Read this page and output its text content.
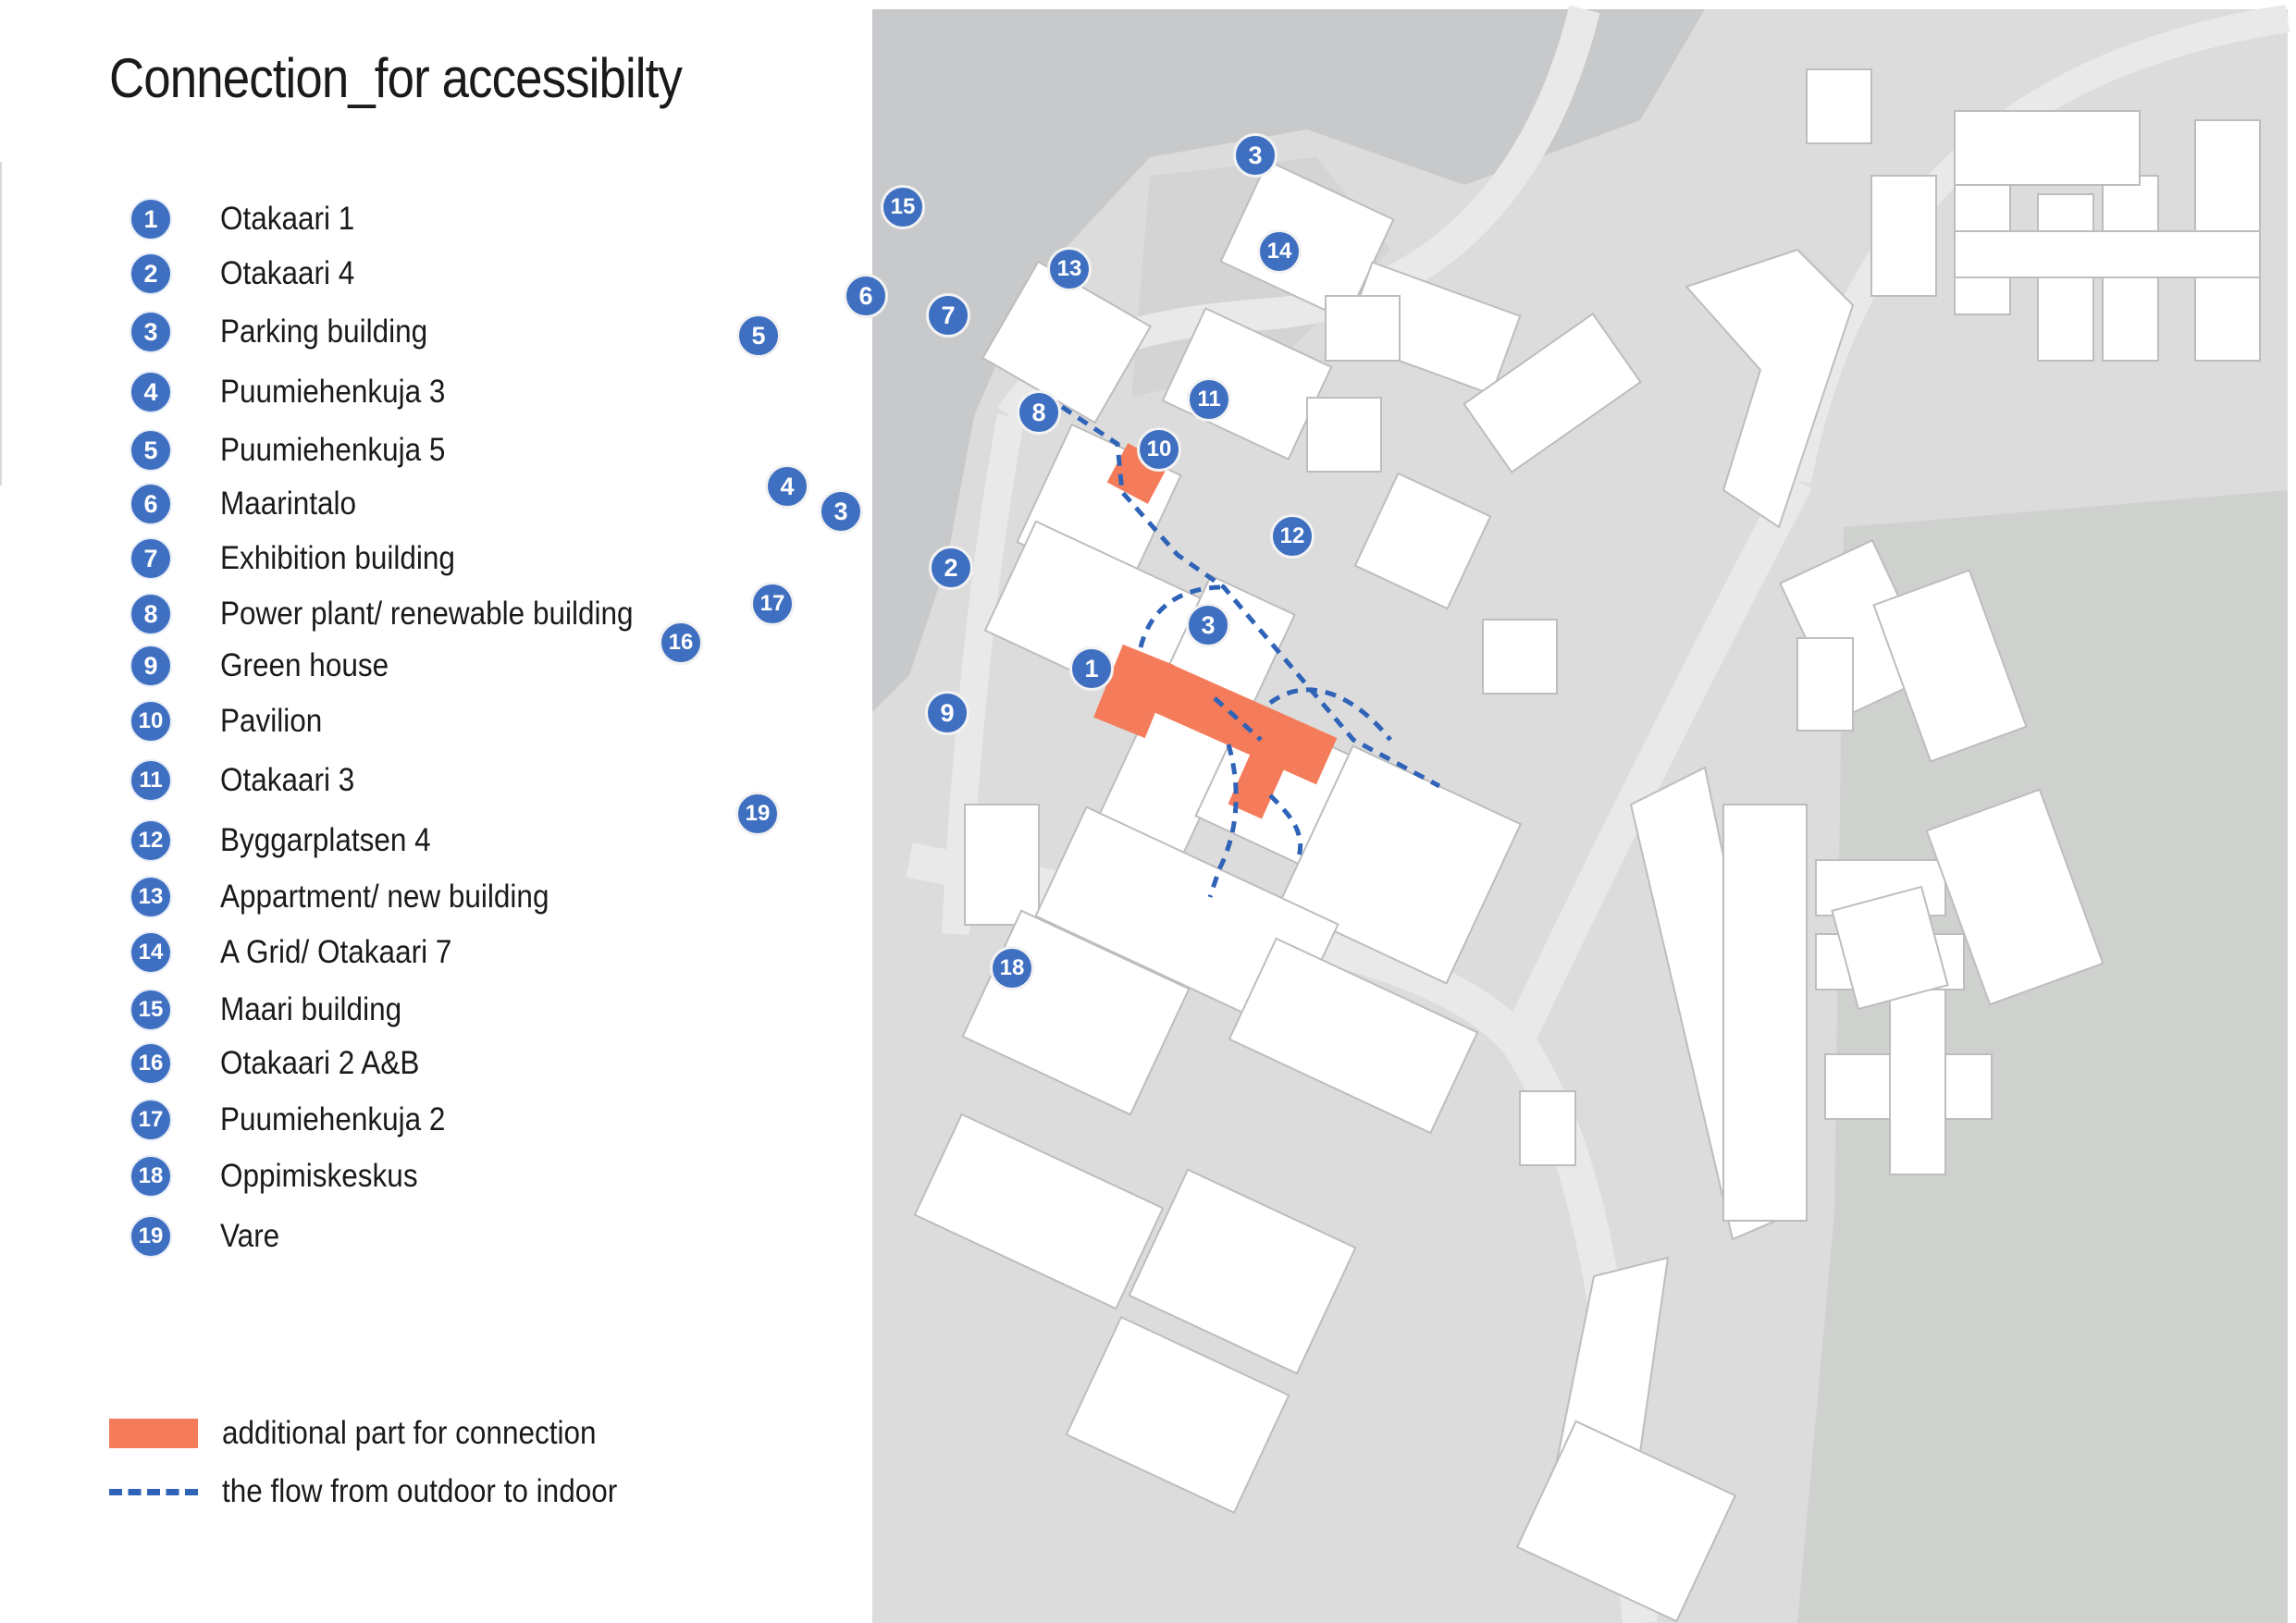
Connection_for accessibilty
1	Otakaari 1
2	Otakaari 4
3	Parking building
4	Puumiehenkuja 3
5	Puumiehenkuja 5
6	Maarintalo
7	Exhibition building
8	Power plant/ renewable building
9	Green house
10 Pavilion
11 Otakaari 3
12 Byggarplatsen 4
13 Appartment/ new building
14 A Grid/ Otakaari 7
15 Maari building
16 Otakaari 2 A&B
17 Puumiehenkuja 2
18 Oppimiskeskus
19 Vare
additional part for connection
the flow from outdoor to indoor
3
15
13
14
6
7
5
8	11
10
4
3
2
12
17
3
16
1
9
19
18
